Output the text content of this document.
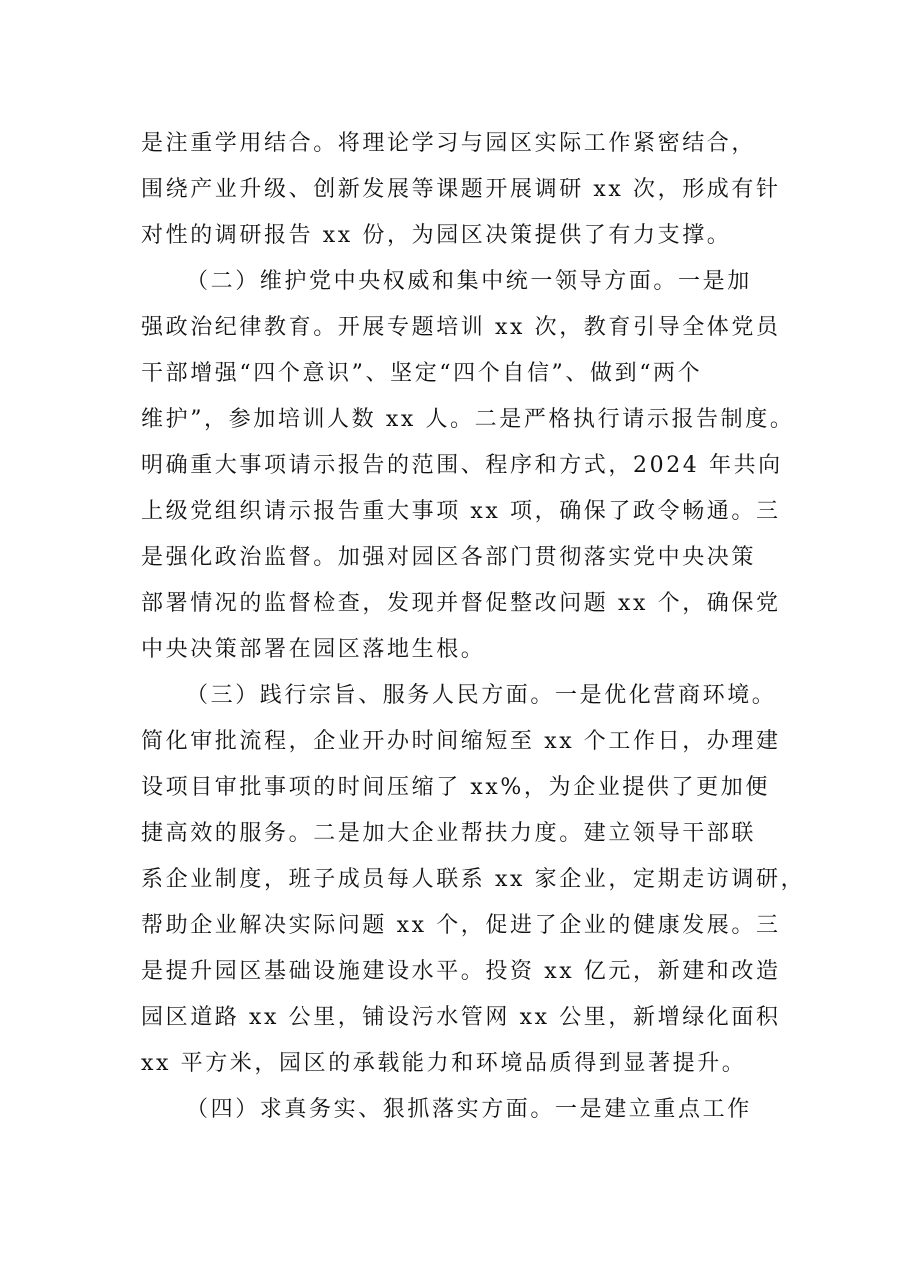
是注重学用结合。将理论学习与园区实际工作紧密结合，
围绕产业升级、创新发展等课题开展调研 xx 次，形成有针
对性的调研报告 xx 份，为园区决策提供了有力支撑。
（二）维护党中央权威和集中统一领导方面。一是加
强政治纪律教育。开展专题培训 xx 次，教育引导全体党员
干部增强“四个意识”、坚定“四个自信”、做到“两个
维护”，参加培训人数 xx 人。二是严格执行请示报告制度。
明确重大事项请示报告的范围、程序和方式，2024 年共向
上级党组织请示报告重大事项 xx 项，确保了政令畅通。三
是强化政治监督。加强对园区各部门贯彻落实党中央决策
部署情况的监督检查，发现并督促整改问题 xx 个，确保党
中央决策部署在园区落地生根。
（三）践行宗旨、服务人民方面。一是优化营商环境。
简化审批流程，企业开办时间缩短至 xx 个工作日，办理建
设项目审批事项的时间压缩了 xx%，为企业提供了更加便
捷高效的服务。二是加大企业帮扶力度。建立领导干部联
系企业制度，班子成员每人联系 xx 家企业，定期走访调研，
帮助企业解决实际问题 xx 个，促进了企业的健康发展。三
是提升园区基础设施建设水平。投资 xx 亿元，新建和改造
园区道路 xx 公里，铺设污水管网 xx 公里，新增绿化面积
xx 平方米，园区的承载能力和环境品质得到显著提升。
（四）求真务实、狠抓落实方面。一是建立重点工作
